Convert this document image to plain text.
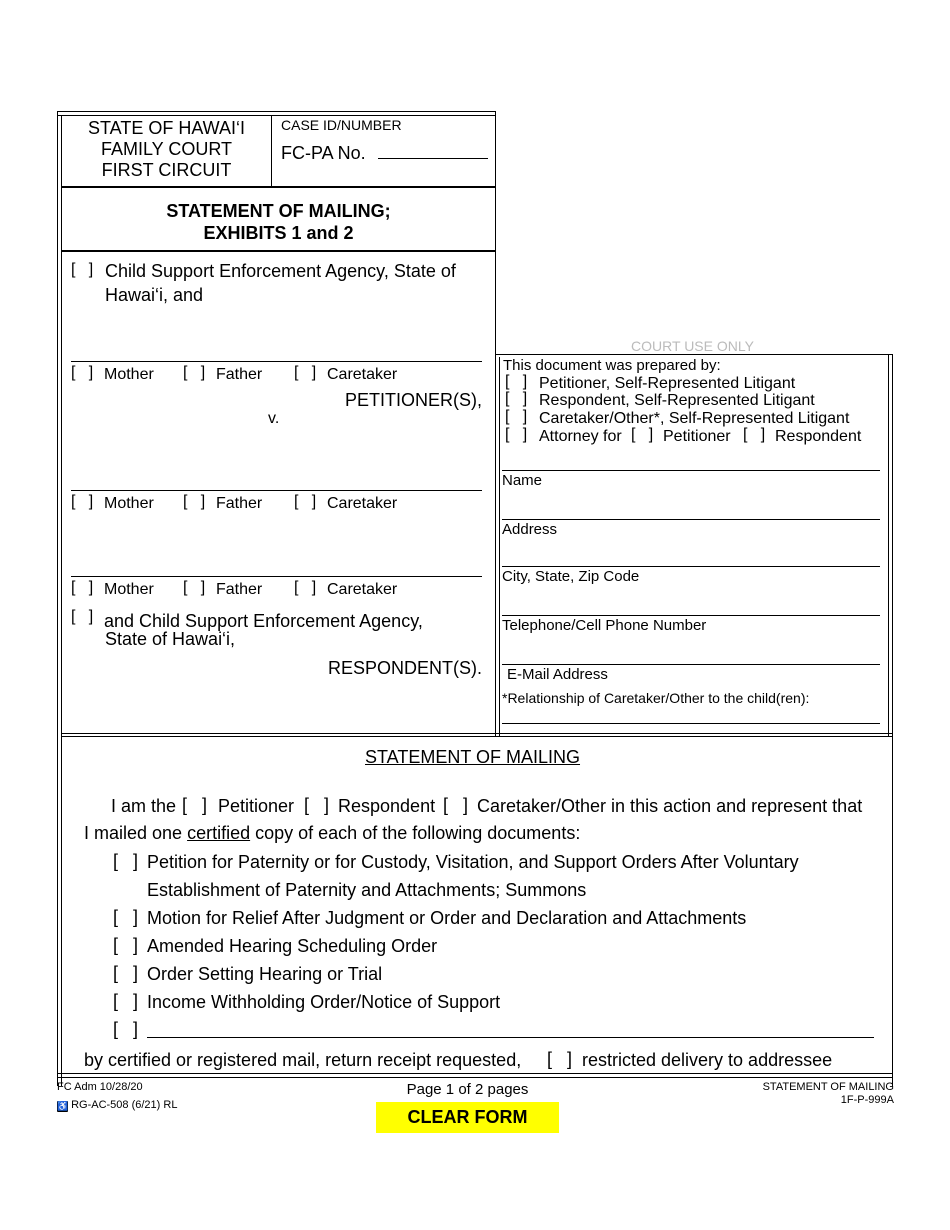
STATE OF HAWAI‘I
FAMILY COURT
FIRST CIRCUIT
CASE ID/NUMBER
FC-PA No.
STATEMENT OF MAILING;
EXHIBITS 1 and 2
[ ] Child Support Enforcement Agency, State of
Hawai‘i, and
[ ] Mother [ ] Father [ ] Caretaker
PETITIONER(S),
v.
[ ] Mother [ ] Father [ ] Caretaker
[ ] Mother [ ] Father [ ] Caretaker
[ ] and Child Support Enforcement Agency,
State of Hawai‘i,
RESPONDENT(S).
COURT USE ONLY
This document was prepared by:
[ ] Petitioner, Self-Represented Litigant
[ ] Respondent, Self-Represented Litigant
[ ] Caretaker/Other*, Self-Represented Litigant
[ ] Attorney for [ ] Petitioner [ ] Respondent
Name
Address
City, State, Zip Code
Telephone/Cell Phone Number
E-Mail Address
*Relationship of Caretaker/Other to the child(ren):
STATEMENT OF MAILING
I am the [ ] Petitioner [ ] Respondent [ ] Caretaker/Other in this action and represent that
I mailed one certified copy of each of the following documents:
[ ] Petition for Paternity or for Custody, Visitation, and Support Orders After Voluntary
Establishment of Paternity and Attachments; Summons
[ ] Motion for Relief After Judgment or Order and Declaration and Attachments
[ ] Amended Hearing Scheduling Order
[ ] Order Setting Hearing or Trial
[ ] Income Withholding Order/Notice of Support
[ ]
by certified or registered mail, return receipt requested, [ ] restricted delivery to addressee
FC Adm 10/28/20
♿ RG-AC-508 (6/21) RL
Page 1 of 2 pages	STATEMENT OF MAILING
1F-P-999A
CLEAR FORM
